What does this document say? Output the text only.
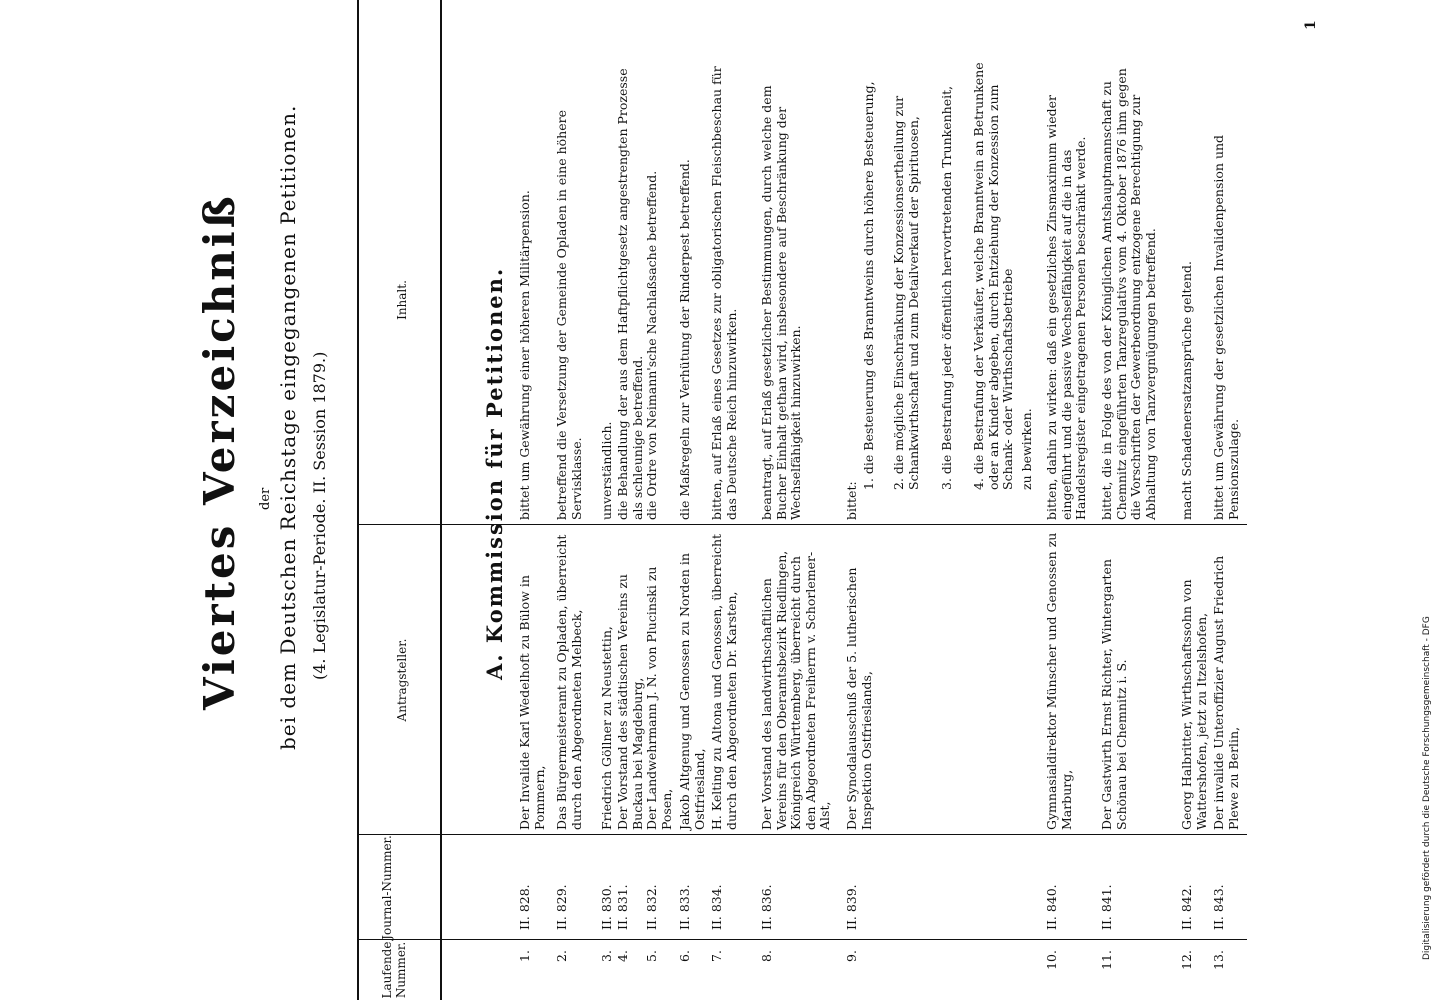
Viertes Verzeichniß der bei dem Deutschen Reichstage eingegangenen Petitionen. (4. Legislatur-Periode. II. Session 1879.)
Laufende Nummer.
Journal-Nummer.
Antragsteller.
Inhalt.	A. Kommission für Petitionen.
1.
II. 828.
Der Invalide Karl Wedelhoft zu Bülow in Pommern,
bittet um Gewährung einer höheren Militärpension.
2.
II. 829.
Das Bürgermeisteramt zu Opladen, überreicht durch den Abgeordneten Melbeck,
betreffend die Versetzung der Gemeinde Opladen in eine höhere Servisklasse.
3.
II. 830.
Friedrich Göllner zu Neustettin,
unverständlich.
4.
II. 831.
Der Vorstand des städtischen Vereins zu Buckau bei Magdeburg,
die Behandlung der aus dem Haftpflichtgesetz angestrengten Prozesse als schleunige betreffend.
5.
II. 832.
Der Landwehrmann J. N. von Plucinski zu Posen,
die Ordre von Neimann'sche Nachlaßsache betreffend.
6.
II. 833.
Jakob Altgenug und Genossen zu Norden in Ostfriesland,
die Maßregeln zur Verhütung der Rinderpest betreffend.
7.
II. 834.
H. Kelting zu Altona und Genossen, überreicht durch den Abgeordneten Dr. Karsten,
bitten, auf Erlaß eines Gesetzes zur obligatorischen Fleischbeschau für das Deutsche Reich hinzuwirken.
8.
II. 836.
Der Vorstand des landwirthschaftlichen Vereins für den Oberamtsbezirk Riedlingen, Königreich Württemberg, überreicht durch den Abgeordneten Freiherrn v. Schorlemer-Alst,
beantragt, auf Erlaß gesetzlicher Bestimmungen, durch welche dem Bucher Einhalt gethan wird, insbesondere auf Beschränkung der Wechselfähigkeit hinzuwirken.
9.
II. 839.
Der Synodalausschuß der 5. lutherischen Inspektion Ostfrieslands,
bittet:
1. die Besteuerung des Branntweins durch höhere Besteuerung, 2. die mögliche Einschränkung der Konzessionsertheilung zur Schankwirthschaft und zum Detailverkauf der Spirituosen, 3. die Bestrafung jeder öffentlich hervortretenden Trunkenheit, 4. die Bestrafung der Verkäufer, welche Branntwein an Betrunkene oder an Kinder abgeben, durch Entziehung der Konzession zum Schank- oder Wirthschaftsbetriebe zu bewirken.
10.
II. 840.
Gymnasialdirektor Münscher und Genossen zu Marburg,
bitten, dahin zu wirken: daß ein gesetzliches Zinsmaximum wieder eingeführt und die passive Wechselfähigkeit auf die in das Handelsregister eingetragenen Personen beschränkt werde.
11.
II. 841.
Der Gastwirth Ernst Richter, Wintergarten Schönau bei Chemnitz i. S.
bittet, die in Folge des von der Königlichen Amtshauptmannschaft zu Chemnitz eingeführten Tanzregulativs vom 4. Oktober 1876 ihm gegen die Vorschriften der Gewerbeordnung entzogene Berechtigung zur Abhaltung von Tanzvergnügungen betreffend.
12.
II. 842.
Georg Halbritter, Wirthschaftssohn von Wattershofen, jetzt zu Itzelshofen,
macht Schadenersatzansprüche geltend.
13.
II. 843.
Der invalide Unteroffizier August Friedrich Plewe zu Berlin,
bittet um Gewährung der gesetzlichen Invalidenpension und Pensionszulage.
1
Digitalisierung gefördert durch die Deutsche Forschungsgemeinschaft - DFG
